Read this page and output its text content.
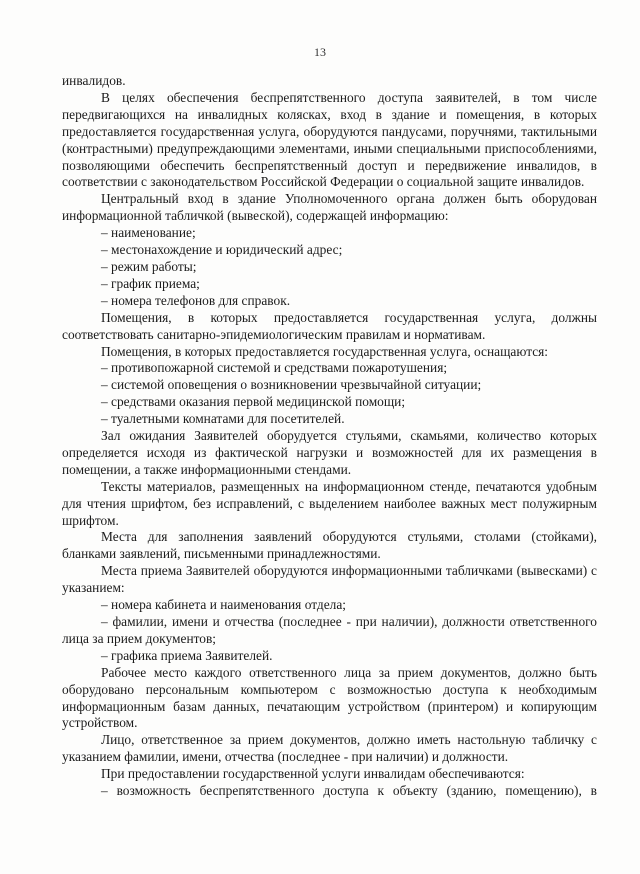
13

инвалидов.

В целях обеспечения беспрепятственного доступа заявителей, в том числе передвигающихся на инвалидных колясках, вход в здание и помещения, в которых предоставляется государственная услуга, оборудуются пандусами, поручнями, тактильными (контрастными) предупреждающими элементами, иными специальными приспособлениями, позволяющими обеспечить беспрепятственный доступ и передвижение инвалидов, в соответствии с законодательством Российской Федерации о социальной защите инвалидов.

Центральный вход в здание Уполномоченного органа должен быть оборудован информационной табличкой (вывеской), содержащей информацию:

– наименование;

– местонахождение и юридический адрес;

– режим работы;

– график приема;

– номера телефонов для справок.

Помещения, в которых предоставляется государственная услуга, должны соответствовать санитарно-эпидемиологическим правилам и нормативам.

Помещения, в которых предоставляется государственная услуга, оснащаются:

– противопожарной системой и средствами пожаротушения;

– системой оповещения о возникновении чрезвычайной ситуации;

– средствами оказания первой медицинской помощи;

– туалетными комнатами для посетителей.

Зал ожидания Заявителей оборудуется стульями, скамьями, количество которых определяется исходя из фактической нагрузки и возможностей для их размещения в помещении, а также информационными стендами.

Тексты материалов, размещенных на информационном стенде, печатаются удобным для чтения шрифтом, без исправлений, с выделением наиболее важных мест полужирным шрифтом.

Места для заполнения заявлений оборудуются стульями, столами (стойками), бланками заявлений, письменными принадлежностями.

Места приема Заявителей оборудуются информационными табличками (вывесками) с указанием:

– номера кабинета и наименования отдела;

– фамилии, имени и отчества (последнее - при наличии), должности ответственного лица за прием документов;

– графика приема Заявителей.

Рабочее место каждого ответственного лица за прием документов, должно быть оборудовано персональным компьютером с возможностью доступа к необходимым информационным базам данных, печатающим устройством (принтером) и копирующим устройством.

Лицо, ответственное за прием документов, должно иметь настольную табличку с указанием фамилии, имени, отчества (последнее - при наличии) и должности.

При предоставлении государственной услуги инвалидам обеспечиваются:

– возможность беспрепятственного доступа к объекту (зданию, помещению), в
